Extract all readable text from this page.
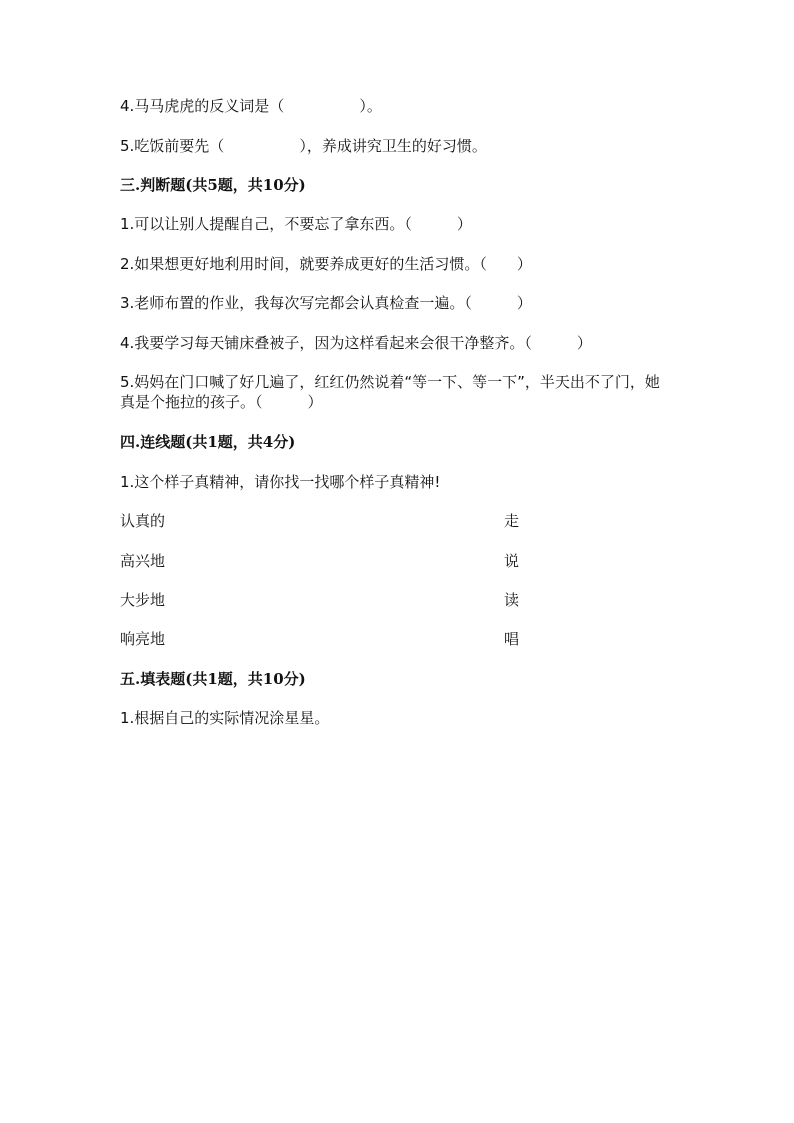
4.马马虎虎的反义词是（　　　　　）。

5.吃饭前要先（　　　　　），养成讲究卫生的好习惯。

三.判断题(共5题，共10分)

1.可以让别人提醒自己，不要忘了拿东西。（　　　）

2.如果想更好地利用时间，就要养成更好的生活习惯。（　　）

3.老师布置的作业，我每次写完都会认真检查一遍。（　　　）

4.我要学习每天铺床叠被子，因为这样看起来会很干净整齐。（　　　）

5.妈妈在门口喊了好几遍了，红红仍然说着“等一下、等一下”，半天出不了门，她真是个拖拉的孩子。（　　　）

四.连线题(共1题，共4分)

1.这个样子真精神，请你找一找哪个样子真精神!

认真的	走
高兴地	说
大步地	读
响亮地	唱

五.填表题(共1题，共10分)

1.根据自己的实际情况涂星星。
